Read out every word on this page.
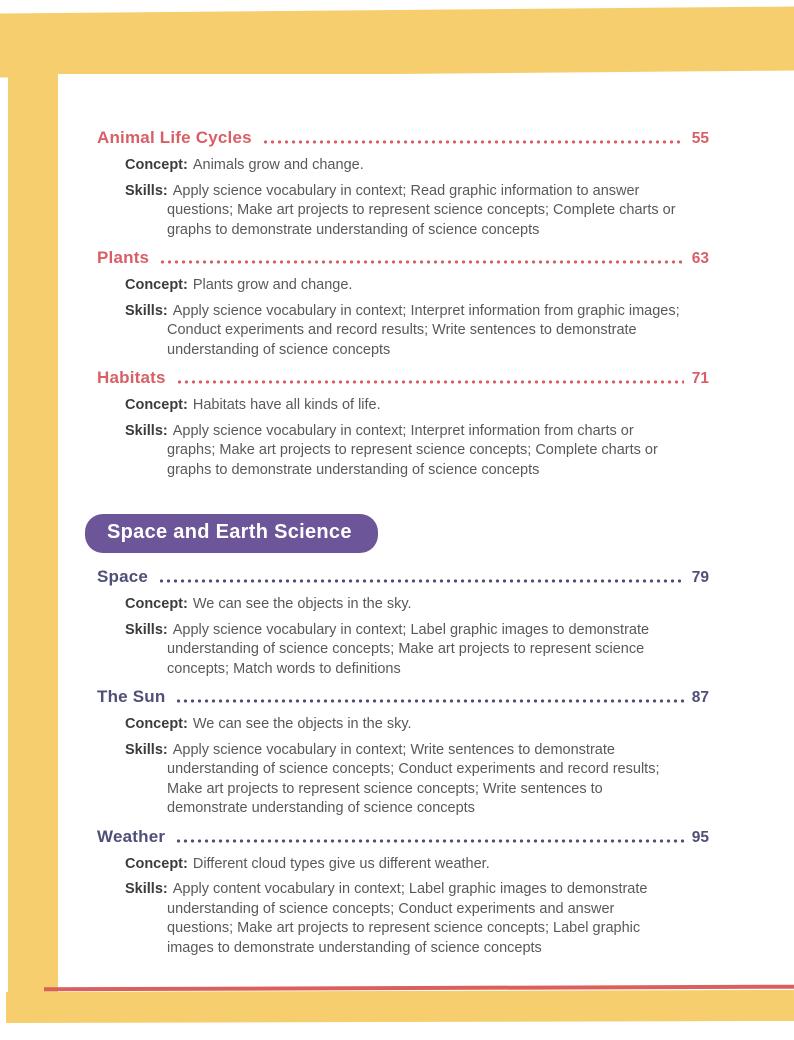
Animal Life Cycles	55

Concept: Animals grow and change.

Skills: Apply science vocabulary in context; Read graphic information to answer questions; Make art projects to represent science concepts; Complete charts or graphs to demonstrate understanding of science concepts

Plants	63

Concept: Plants grow and change.

Skills: Apply science vocabulary in context; Interpret information from graphic images; Conduct experiments and record results; Write sentences to demonstrate understanding of science concepts

Habitats	71

Concept: Habitats have all kinds of life.

Skills: Apply science vocabulary in context; Interpret information from charts or graphs; Make art projects to represent science concepts; Complete charts or graphs to demonstrate understanding of science concepts

Space and Earth Science
Space	79

Concept: We can see the objects in the sky.

Skills: Apply science vocabulary in context; Label graphic images to demonstrate understanding of science concepts; Make art projects to represent science concepts; Match words to definitions

The Sun	87

Concept: We can see the objects in the sky.

Skills: Apply science vocabulary in context; Write sentences to demonstrate understanding of science concepts; Conduct experiments and record results; Make art projects to represent science concepts; Write sentences to demonstrate understanding of science concepts

Weather	95

Concept: Different cloud types give us different weather.

Skills: Apply content vocabulary in context; Label graphic images to demonstrate understanding of science concepts; Conduct experiments and answer questions; Make art projects to represent science concepts; Label graphic images to demonstrate understanding of science concepts
